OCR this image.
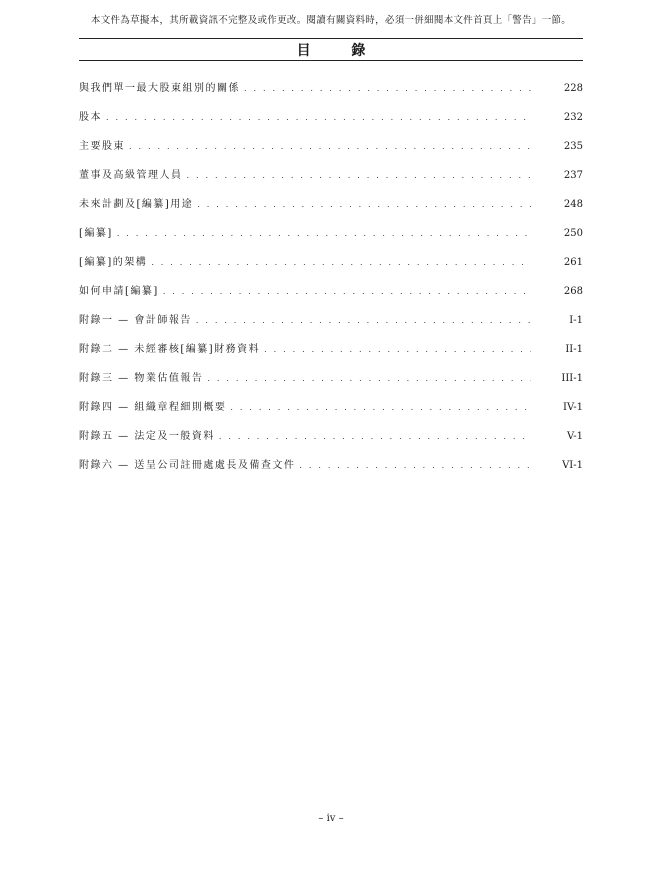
本文件為草擬本，其所載資訊不完整及或作更改。閱讀有關資料時，必須一併細閱本文件首頁上「警告」一節。
目 錄
與我們單一最大股東組別的關係 . . .	228
股本 . . .	232
主要股東 . . .	235
董事及高級管理人員 . . .	237
未來計劃及[編纂]用途 . . .	248
[編纂] . . .	250
[編纂]的架構 . . .	261
如何申請[編纂] . . .	268
附錄一 — 會計師報告 . . .	I-1
附錄二 — 未經審核[編纂]財務資料 . . .	II-1
附錄三 — 物業估值報告 . . .	III-1
附錄四 — 組織章程細則概要 . . .	IV-1
附錄五 — 法定及一般資料 . . .	V-1
附錄六 — 送呈公司註冊處處長及備查文件 . . .	VI-1
– iv –
